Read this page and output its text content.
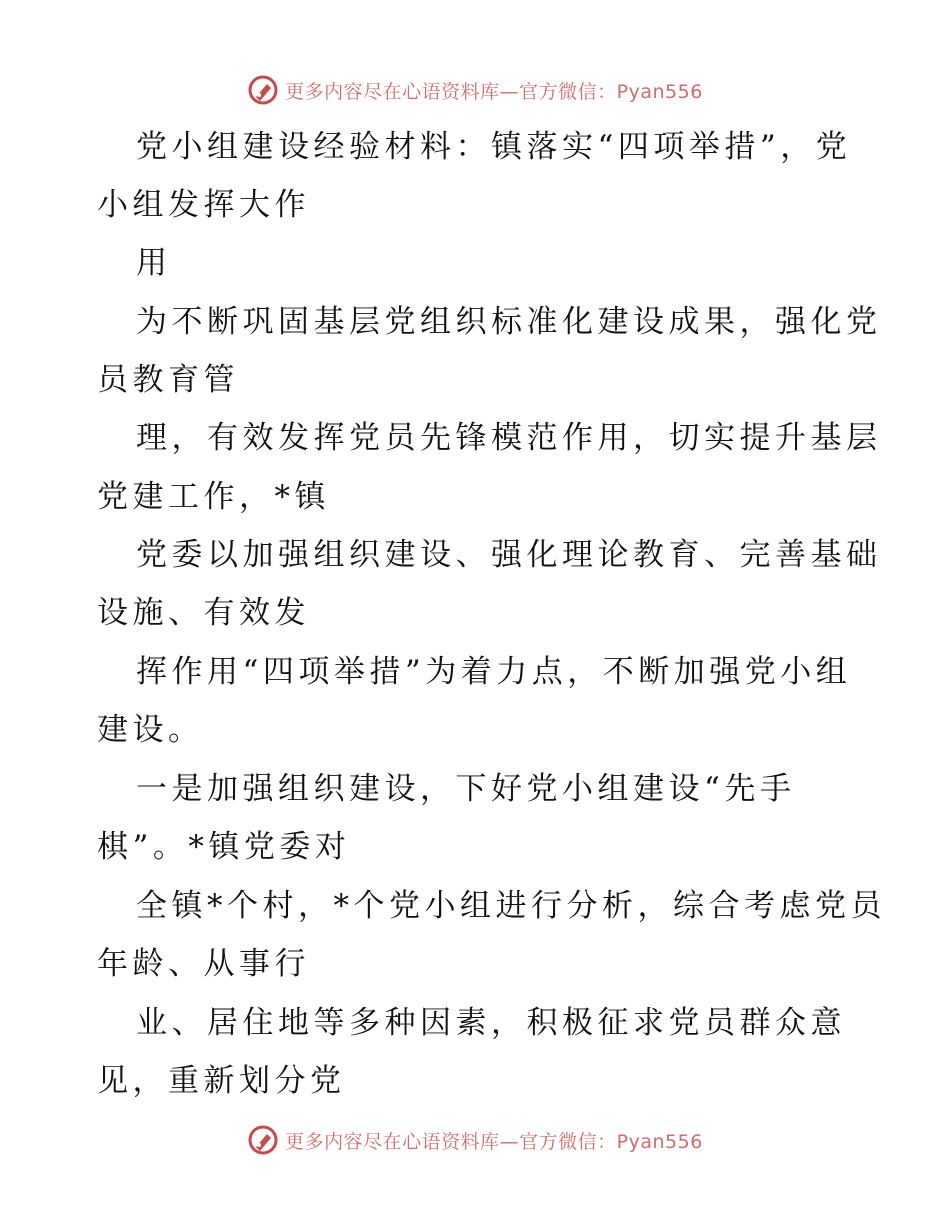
更多内容尽在心语资料库—官方微信：Pyan556
党小组建设经验材料：镇落实“四项举措”，党
小组发挥大作
用
为不断巩固基层党组织标准化建设成果，强化党
员教育管
理，有效发挥党员先锋模范作用，切实提升基层
党建工作，*镇
党委以加强组织建设、强化理论教育、完善基础
设施、有效发
挥作用“四项举措”为着力点，不断加强党小组
建设。
一是加强组织建设，下好党小组建设“先手
棋”。*镇党委对
全镇*个村，*个党小组进行分析，综合考虑党员
年龄、从事行
业、居住地等多种因素，积极征求党员群众意
见，重新划分党
更多内容尽在心语资料库—官方微信：Pyan556
